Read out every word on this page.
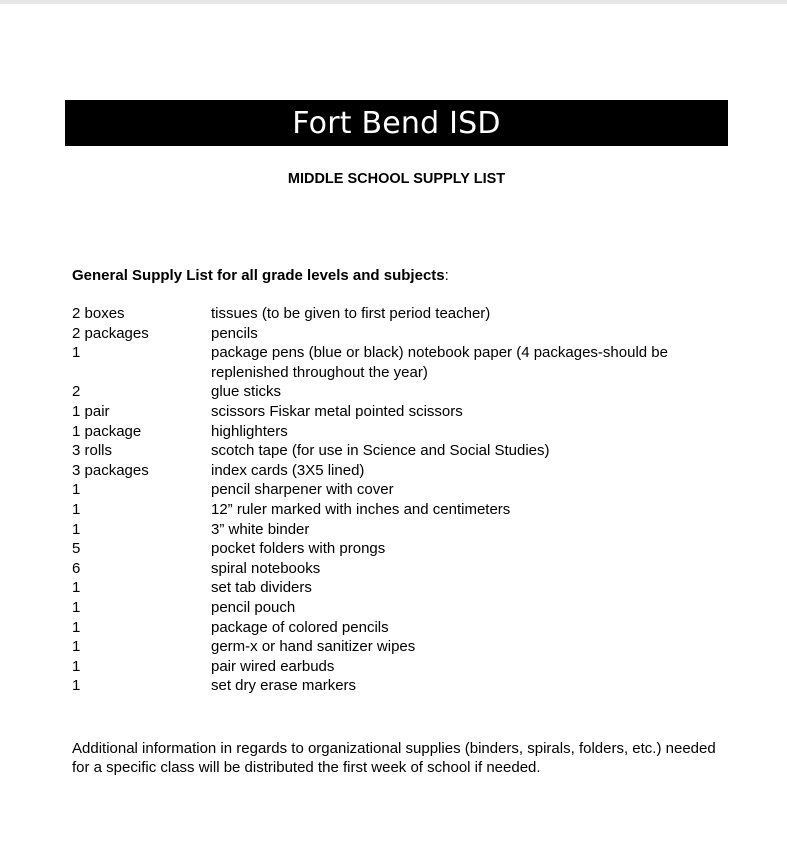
Fort Bend ISD
MIDDLE SCHOOL SUPPLY LIST
General Supply List for all grade levels and subjects:
2 boxes	tissues (to be given to first period teacher)
2 packages	pencils
1	package pens (blue or black) notebook paper (4 packages-should be replenished throughout the year)
2	glue sticks
1 pair	scissors Fiskar metal pointed scissors
1 package	highlighters
3 rolls	scotch tape (for use in Science and Social Studies)
3 packages	index cards (3X5 lined)
1	pencil sharpener with cover
1	12” ruler marked with inches and centimeters
1	3” white binder
5	pocket folders with prongs
6	spiral notebooks
1	set tab dividers
1	pencil pouch
1	package of colored pencils
1	germ-x or hand sanitizer wipes
1	pair wired earbuds
1	set dry erase markers
Additional information in regards to organizational supplies (binders, spirals, folders, etc.) needed for a specific class will be distributed the first week of school if needed.
